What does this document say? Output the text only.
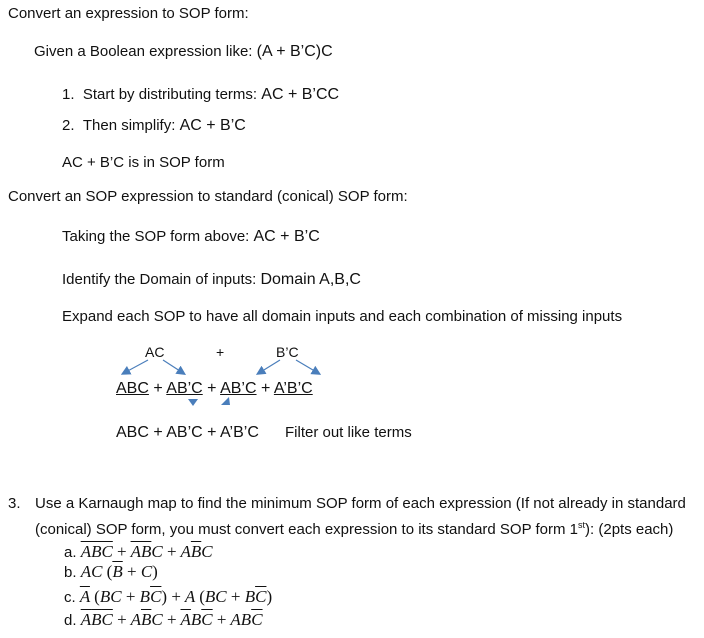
Convert an expression to SOP form:
Given a Boolean expression like: (A + B’C)C
1. Start by distributing terms: AC + B’CC
2. Then simplify: AC + B’C
AC + B’C is in SOP form
Convert an SOP expression to standard (conical) SOP form:
Taking the SOP form above: AC + B’C
Identify the Domain of inputs: Domain A,B,C
Expand each SOP to have all domain inputs and each combination of missing inputs
AC	+	B’C
ABC + AB’C + AB’C + A’B’C
ABC + AB’C + A’B’C Filter out like terms
3. Use a Karnaugh map to find the minimum SOP form of each expression (If not already in standard
(conical) SOP form, you must convert each expression to its standard SOP form 1st): (2pts each)
a. $\overline{ABC} + \overline{A}\overline{B}C + A\overline{B}C$
b. AC $(\overline{B} + C)$
c. $\overline{A}$ $(BC + B\overline{C}) + A$ $(BC + B\overline{C})$
d. $\overline{A}\overline{B}\overline{C} + A\overline{B}C + \overline{A}B\overline{C} + AB\overline{C}$
